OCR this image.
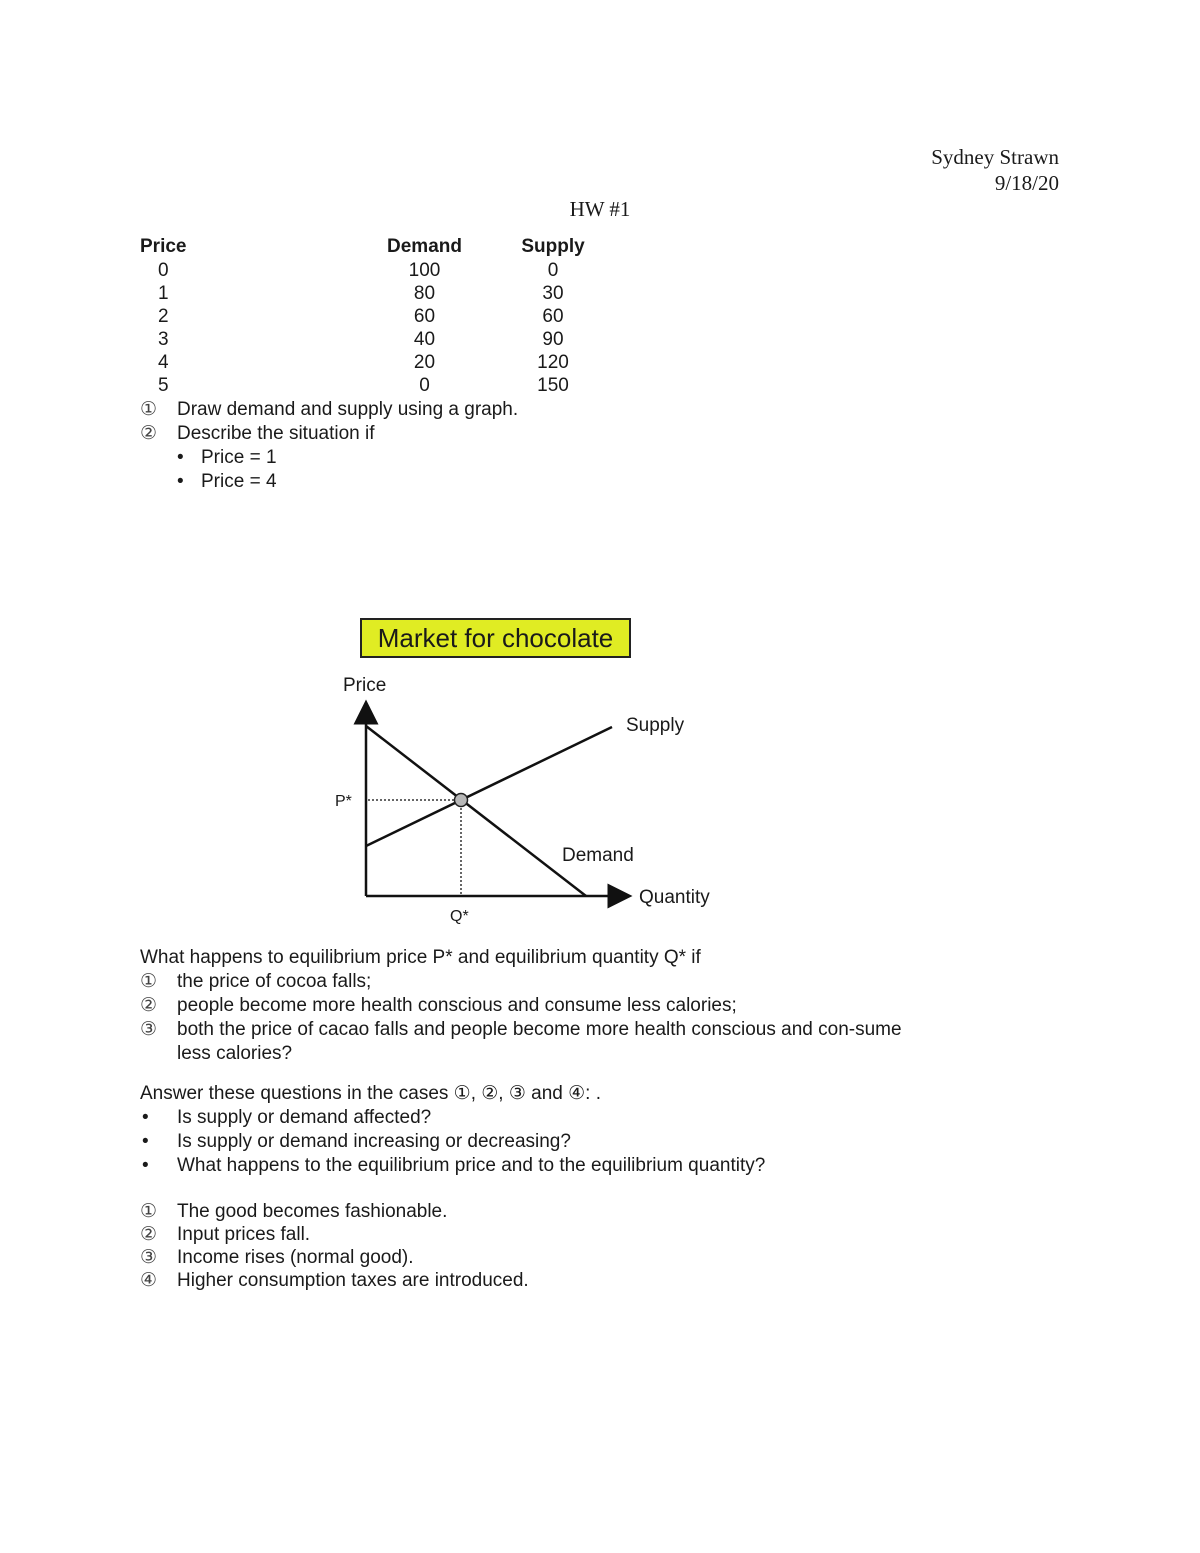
Sydney Strawn
9/18/20
HW #1
Price	Demand	Supply
0	100	0
1	80	30
2	60	60
3	40	90
4	20	120
5	0	150
①	Draw demand and supply using a graph.
②	Describe the situation if
• Price = 1
• Price = 4
Market for chocolate
Price
Quantity
Supply
Demand
P*
Q*
What happens to equilibrium price P* and equilibrium quantity Q* if
①	the price of cocoa falls;
②	people become more health conscious and consume less calories;
③	both the price of cacao falls and people become more health conscious and con-sume less calories?
Answer these questions in the cases ①, ②, ③ and ④: .
•	Is supply or demand affected?
•	Is supply or demand increasing or decreasing?
•	What happens to the equilibrium price and to the equilibrium quantity?
①	The good becomes fashionable.
②	Input prices fall.
③	Income rises (normal good).
④	Higher consumption taxes are introduced.
